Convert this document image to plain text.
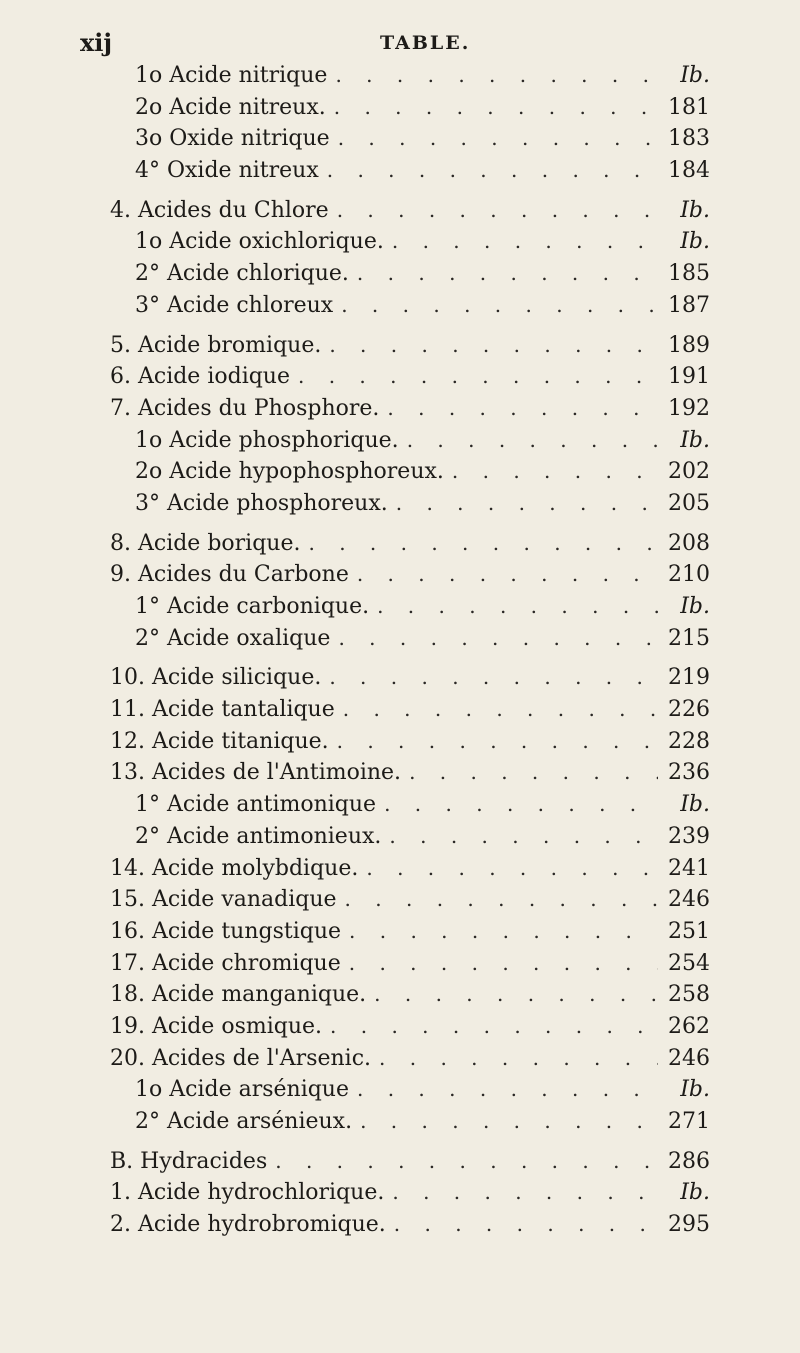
xij	TABLE.
1o Acide nitrique . . .	Ib.
2o Acide nitreux. . . .	181
3o Oxide nitrique . . .	183
4° Oxide nitreux . . .	184
4. Acides du Chlore . . .	Ib.
1o Acide oxichlorique. . . .	Ib.
2° Acide chlorique. . . .	185
3° Acide chloreux . . .	187
5. Acide bromique. . . .	189
6. Acide iodique . . .	191
7. Acides du Phosphore. . . .	192
1o Acide phosphorique. . . .	Ib.
2o Acide hypophosphoreux. . . .	202
3° Acide phosphoreux. . . .	205
8. Acide borique. . . .	208
9. Acides du Carbone . . .	210
1° Acide carbonique. . . .	Ib.
2° Acide oxalique . . .	215
10. Acide silicique. . . .	219
11. Acide tantalique . . .	226
12. Acide titanique. . . .	228
13. Acides de l'Antimoine. . . .	236
1° Acide antimonique . . .	Ib.
2° Acide antimonieux. . . .	239
14. Acide molybdique. . . .	241
15. Acide vanadique . . .	246
16. Acide tungstique . . .	251
17. Acide chromique . . .	254
18. Acide manganique. . . .	258
19. Acide osmique. . . .	262
20. Acides de l'Arsenic. . . .	246
1o Acide arsénique . . .	Ib.
2° Acide arsénieux. . . .	271
B. Hydracides . . .	286
1. Acide hydrochlorique. . . .	Ib.
2. Acide hydrobromique. . . .	295
